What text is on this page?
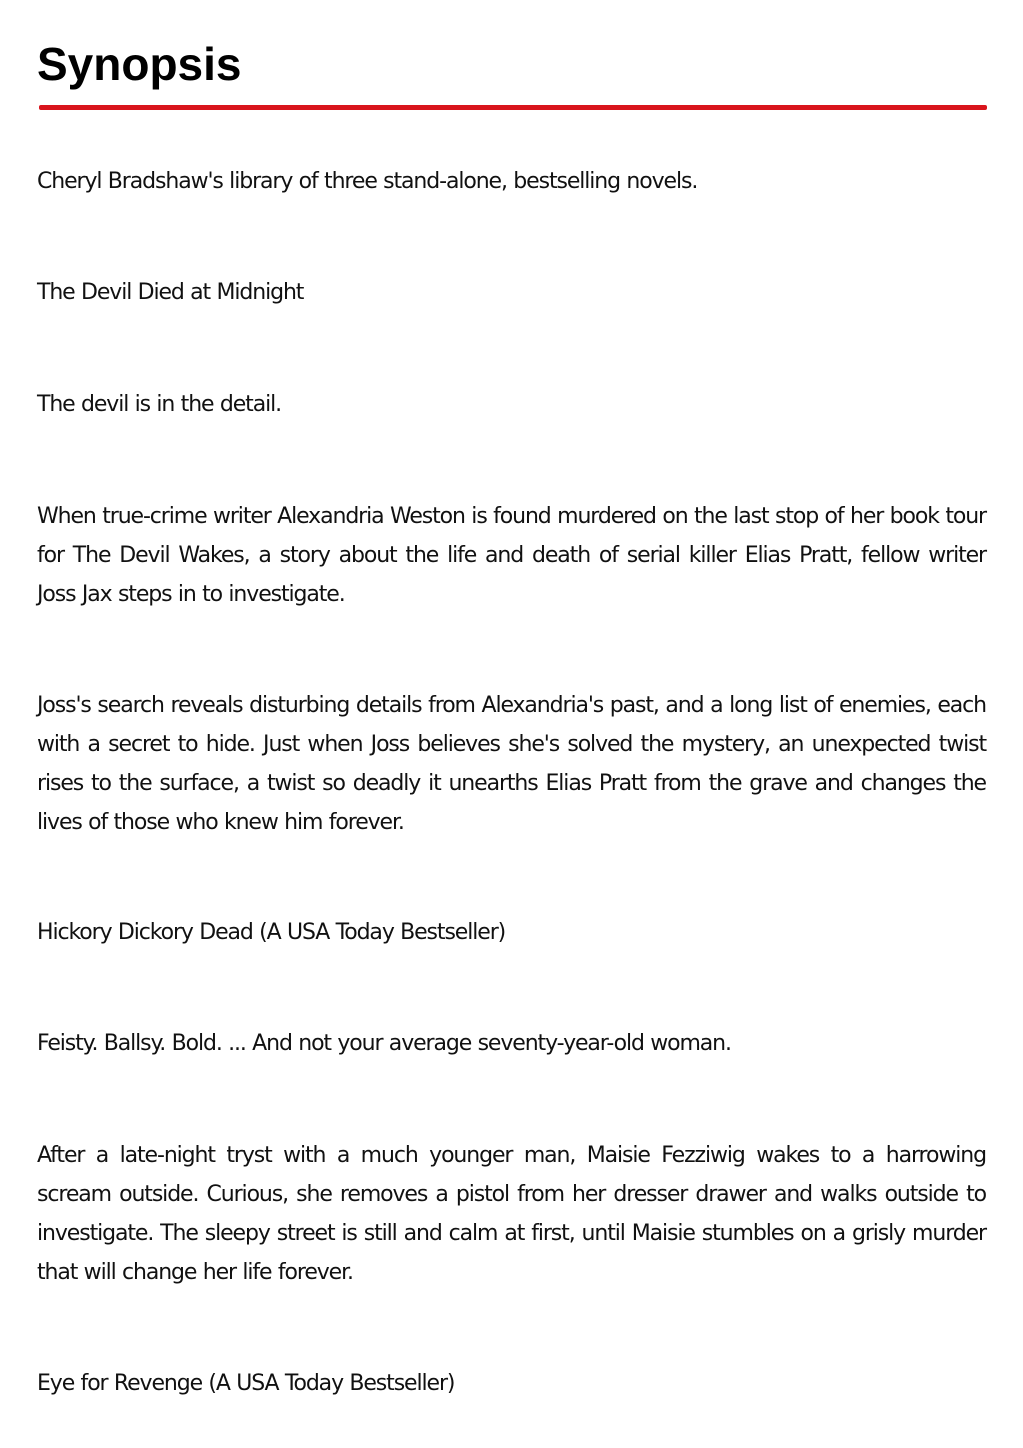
Synopsis

Cheryl Bradshaw's library of three stand-alone, bestselling novels.

The Devil Died at Midnight

The devil is in the detail.

When true-crime writer Alexandria Weston is found murdered on the last stop of her book tour for The Devil Wakes, a story about the life and death of serial killer Elias Pratt, fellow writer Joss Jax steps in to investigate.

Joss's search reveals disturbing details from Alexandria's past, and a long list of enemies, each with a secret to hide. Just when Joss believes she's solved the mystery, an unexpected twist rises to the surface, a twist so deadly it unearths Elias Pratt from the grave and changes the lives of those who knew him forever.

Hickory Dickory Dead (A USA Today Bestseller)

Feisty. Ballsy. Bold. ... And not your average seventy-year-old woman.

After a late-night tryst with a much younger man, Maisie Fezziwig wakes to a harrowing scream outside. Curious, she removes a pistol from her dresser drawer and walks outside to investigate. The sleepy street is still and calm at first, until Maisie stumbles on a grisly murder that will change her life forever.

Eye for Revenge (A USA Today Bestseller)
